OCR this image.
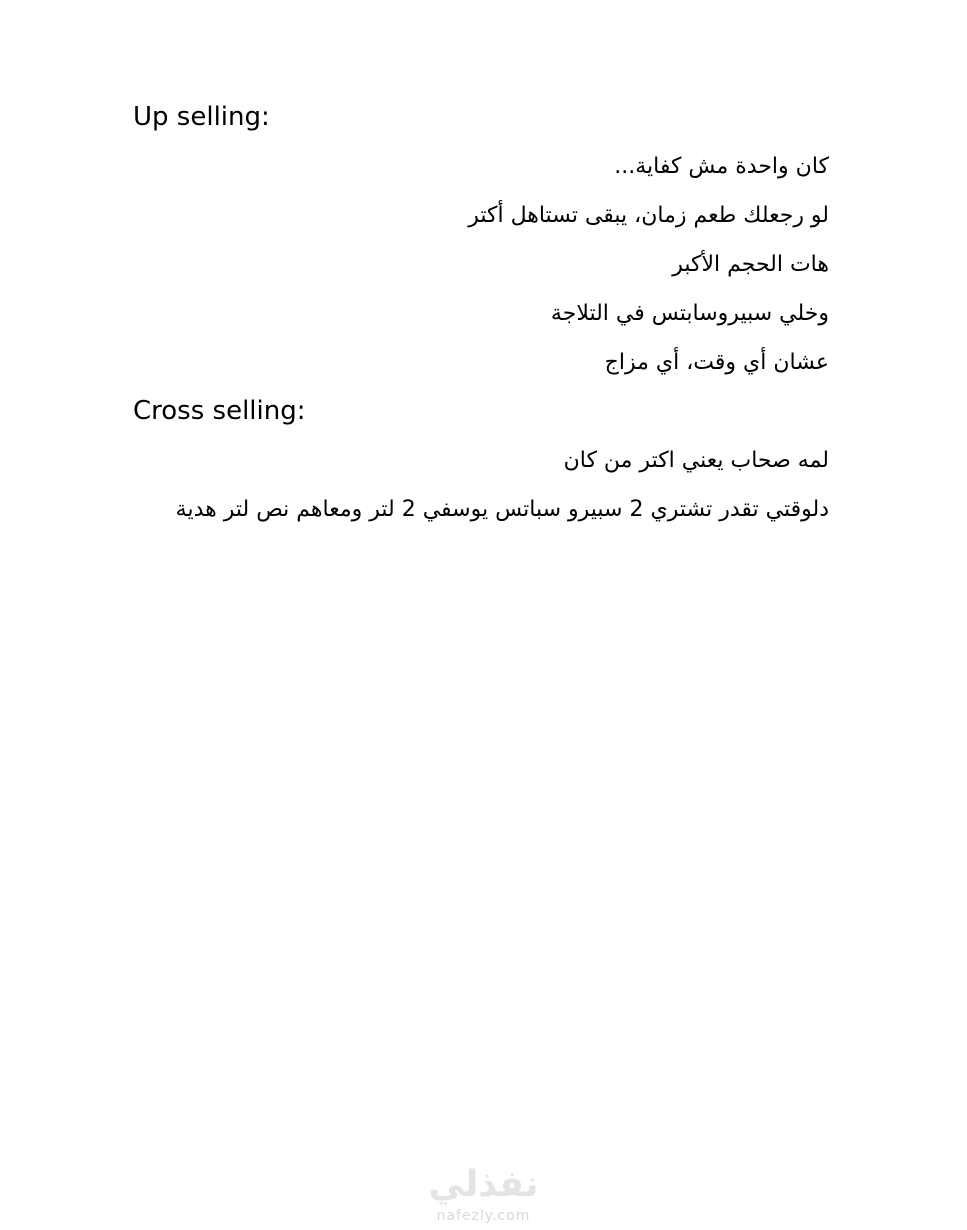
Up selling:
كان واحدة مش كفاية...
لو رجعلك طعم زمان، يبقى تستاهل أكتر
هات الحجم الأكبر
وخلي سبيروسابتس في التلاجة
عشان أي وقت، أي مزاج
Cross selling:
لمه صحاب يعني اكتر من كان
دلوقتي تقدر تشتري 2 سبيرو سباتس يوسفي 2 لتر ومعاهم نص لتر هدية
نفذلي
nafezly.com
